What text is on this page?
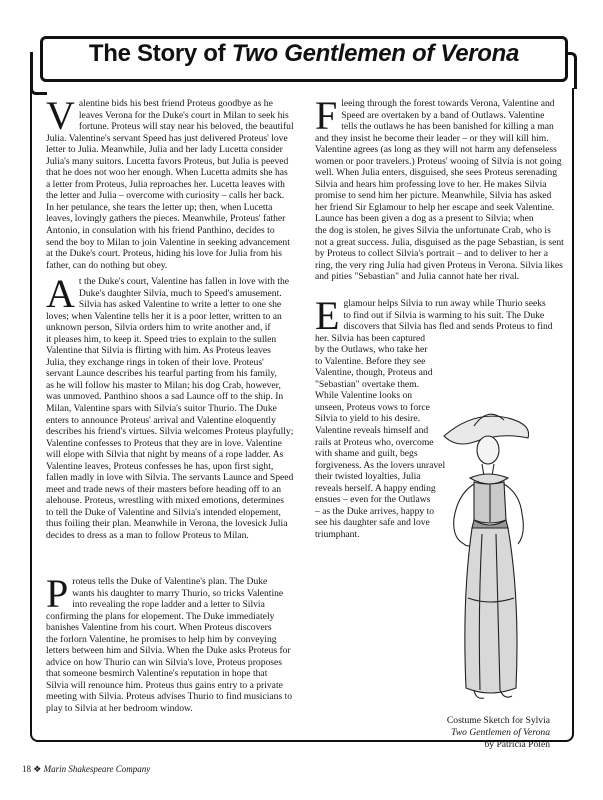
The Story of Two Gentlemen of Verona
V alentine bids his best friend Proteus goodbye as he
leaves Verona for the Duke's court in Milan to seek his
fortune. Proteus will stay near his beloved, the beautiful
Julia. Valentine's servant Speed has just delivered Proteus' love
letter to Julia. Meanwhile, Julia and her lady Lucetta consider
Julia's many suitors. Lucetta favors Proteus, but Julia is peeved
that he does not woo her enough. When Lucetta admits she has
a letter from Proteus, Julia reproaches her. Lucetta leaves with
the letter and Julia – overcome with curiosity – calls her back.
In her petulance, she tears the letter up; then, when Lucetta
leaves, lovingly gathers the pieces. Meanwhile, Proteus' father
Antonio, in consulation with his friend Panthino, decides to
send the boy to Milan to join Valentine in seeking advancement
at the Duke's court. Proteus, hiding his love for Julia from his
father, can do nothing but obey.
A t the Duke's court, Valentine has fallen in love with the
Duke's daughter Silvia, much to Speed's amusement.
Silvia has asked Valentine to write a letter to one she
loves; when Valentine tells her it is a poor letter, written to an
unknown person, Silvia orders him to write another and, if
it pleases him, to keep it. Speed tries to explain to the sullen
Valentine that Silvia is flirting with him. As Proteus leaves
Julia, they exchange rings in token of their love. Proteus'
servant Launce describes his tearful parting from his family,
as he will follow his master to Milan; his dog Crab, however,
was unmoved. Panthino shoos a sad Launce off to the ship. In
Milan, Valentine spars with Silvia's suitor Thurio. The Duke
enters to announce Proteus' arrival and Valentine eloquently
describes his friend's virtues. Silvia welcomes Proteus playfully;
Valentine confesses to Proteus that they are in love. Valentine
will elope with Silvia that night by means of a rope ladder. As
Valentine leaves, Proteus confesses he has, upon first sight,
fallen madly in love with Silvia. The servants Launce and Speed
meet and trade news of their masters before heading off to an
alehouse. Proteus, wrestling with mixed emotions, determines
to tell the Duke of Valentine and Silvia's intended elopement,
thus foiling their plan. Meanwhile in Verona, the lovesick Julia
decides to dress as a man to follow Proteus to Milan.
P roteus tells the Duke of Valentine's plan. The Duke
wants his daughter to marry Thurio, so tricks Valentine
into revealing the rope ladder and a letter to Silvia
confirming the plans for elopement. The Duke immediately
banishes Valentine from his court. When Proteus discovers
the forlorn Valentine, he promises to help him by conveying
letters between him and Silvia. When the Duke asks Proteus for
advice on how Thurio can win Silvia's love, Proteus proposes
that someone besmirch Valentine's reputation in hope that
Silvia will renounce him. Proteus thus gains entry to a private
meeting with Silvia. Proteus advises Thurio to find musicians to
play to Silvia at her bedroom window.
F leeing through the forest towards Verona, Valentine and
Speed are overtaken by a band of Outlaws. Valentine
tells the outlaws he has been banished for killing a man
and they insist he become their leader – or they will kill him.
Valentine agrees (as long as they will not harm any defenseless
women or poor travelers.) Proteus' wooing of Silvia is not going
well. When Julia enters, disguised, she sees Proteus serenading
Silvia and hears him professing love to her. He makes Silvia
promise to send him her picture. Meanwhile, Silvia has asked
her friend Sir Eglamour to help her escape and seek Valentine.
Launce has been given a dog as a present to Silvia; when
the dog is stolen, he gives Silvia the unfortunate Crab, who is
not a great success. Julia, disguised as the page Sebastian, is sent
by Proteus to collect Silvia's portrait – and to deliver to her a
ring, the very ring Julia had given Proteus in Verona. Silvia likes
and pities "Sebastian" and Julia cannot hate her rival.
E glamour helps Silvia to run away while Thurio seeks
to find out if Silvia is warming to his suit. The Duke
discovers that Silvia has fled and sends Proteus to find
her. Silvia has been captured
by the Outlaws, who take her
to Valentine. Before they see
Valentine, though, Proteus and
"Sebastian" overtake them.
While Valentine looks on
unseen, Proteus vows to force
Silvia to yield to his desire.
Valentine reveals himself and
rails at Proteus who, overcome
with shame and guilt, begs
forgiveness. As the lovers unravel
their twisted loyalties, Julia
reveals herself. A happy ending
ensues – even for the Outlaws
– as the Duke arrives, happy to
see his daughter safe and love
triumphant.
Costume Sketch for Sylvia
Two Gentlemen of Verona
by Patricia Polen
18 ❖ Marin Shakespeare Company
